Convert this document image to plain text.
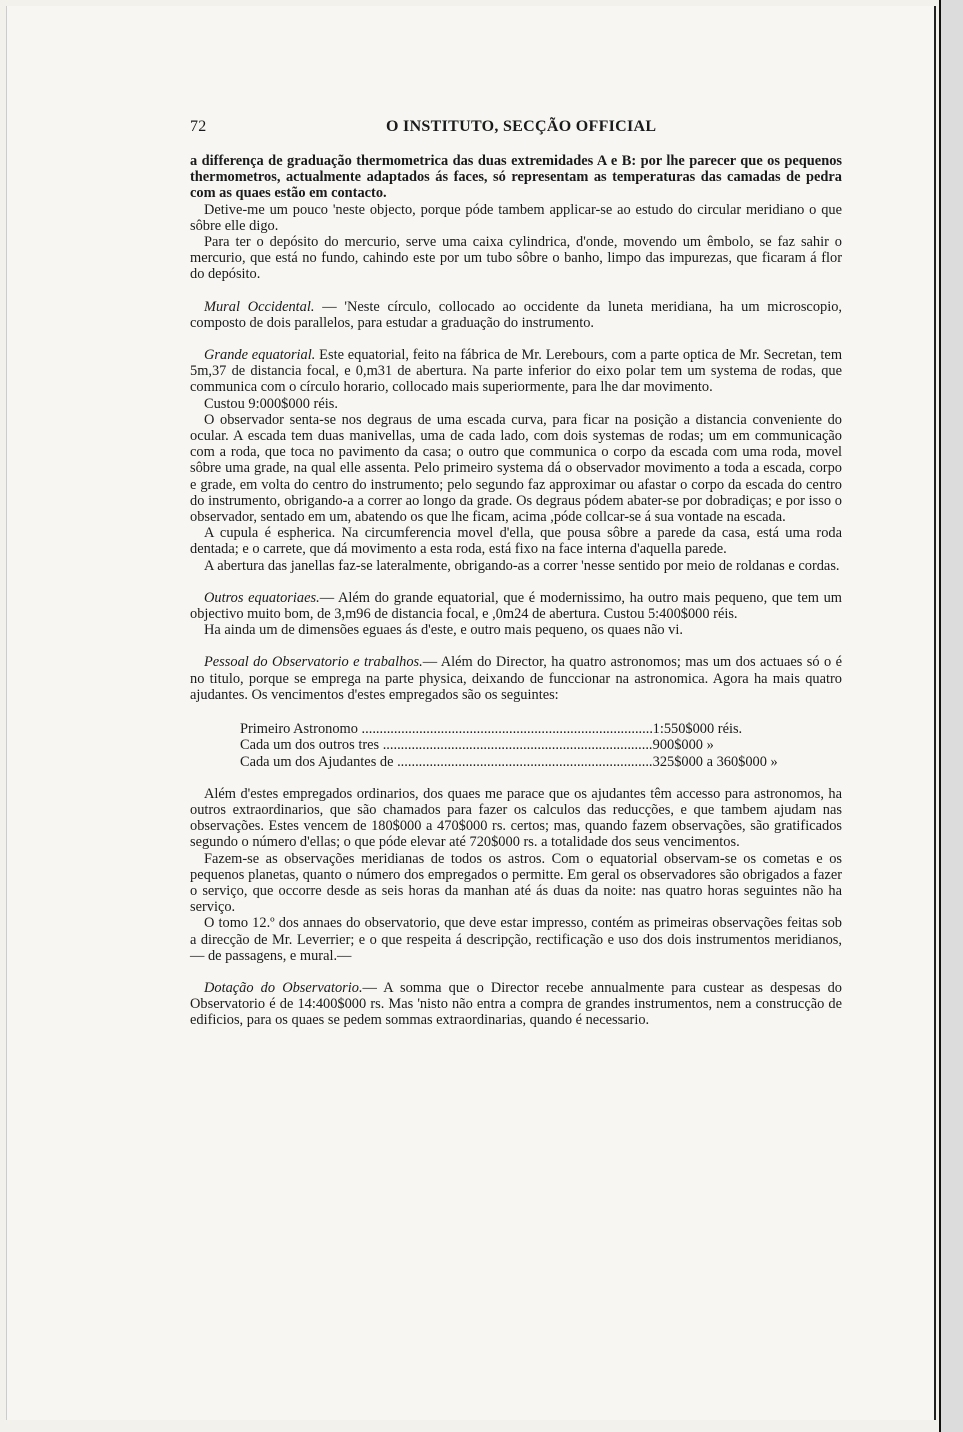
72	O INSTITUTO, SECÇÃO OFFICIAL

a differença de graduação thermometrica das duas extremidades A e B: por lhe parecer que os pequenos thermometros, actualmente adaptados ás faces, só representam as temperaturas das camadas de pedra com as quaes estão em contacto.

Detive-me um pouco 'neste objecto, porque póde tambem applicar-se ao estudo do circular meridiano o que sôbre elle digo.

Para ter o depósito do mercurio, serve uma caixa cylindrica, d'onde, movendo um êmbolo, se faz sahir o mercurio, que está no fundo, cahindo este por um tubo sôbre o banho, limpo das impurezas, que ficaram á flor do depósito.

Mural Occidental. — 'Neste círculo, collocado ao occidente da luneta meridiana, ha um microscopio, composto de dois parallelos, para estudar a graduação do instrumento.

Grande equatorial. Este equatorial, feito na fábrica de Mr. Lerebours, com a parte optica de Mr. Secretan, tem 5m,37 de distancia focal, e 0,m31 de abertura. Na parte inferior do eixo polar tem um systema de rodas, que communica com o círculo horario, collocado mais superiormente, para lhe dar movimento.

Custou 9:000$000 réis.

O observador senta-se nos degraus de uma escada curva, para ficar na posição a distancia conveniente do ocular. A escada tem duas manivellas, uma de cada lado, com dois systemas de rodas; um em communicação com a roda, que toca no pavimento da casa; o outro que communica o corpo da escada com uma roda, movel sôbre uma grade, na qual elle assenta. Pelo primeiro systema dá o observador movimento a toda a escada, corpo e grade, em volta do centro do instrumento; pelo segundo faz approximar ou afastar o corpo da escada do centro do instrumento, obrigando-a a correr ao longo da grade. Os degraus pódem abater-se por dobradiças; e por isso o observador, sentado em um, abatendo os que lhe ficam, acima ,póde collcar-se á sua vontade na escada.

A cupula é espherica. Na circumferencia movel d'ella, que pousa sôbre a parede da casa, está uma roda dentada; e o carrete, que dá movimento a esta roda, está fixo na face interna d'aquella parede.

A abertura das janellas faz-se lateralmente, obrigando-as a correr 'nesse sentido por meio de roldanas e cordas.

Outros equatoriaes.— Além do grande equatorial, que é modernissimo, ha outro mais pequeno, que tem um objectivo muito bom, de 3,m96 de distancia focal, e ,0m24 de abertura. Custou 5:400$000 réis.

Ha ainda um de dimensões eguaes ás d'este, e outro mais pequeno, os quaes não vi.

Pessoal do Observatorio e trabalhos.— Além do Director, ha quatro astronomos; mas um dos actuaes só o é no titulo, porque se emprega na parte physica, deixando de funccionar na astronomica. Agora ha mais quatro ajudantes. Os vencimentos d'estes empregados são os seguintes:

Primeiro Astronomo .....	1:550$000 réis.
Cada um dos outros tres .....	900$000 »
Cada um dos Ajudantes de .....	325$000 a 360$000 »

Além d'estes empregados ordinarios, dos quaes me parace que os ajudantes têm accesso para astronomos, ha outros extraordinarios, que são chamados para fazer os calculos das reducções, e que tambem ajudam nas observações. Estes vencem de 180$000 a 470$000 rs. certos; mas, quando fazem observações, são gratificados segundo o número d'ellas; o que póde elevar até 720$000 rs. a totalidade dos seus vencimentos.

Fazem-se as observações meridianas de todos os astros. Com o equatorial observam-se os cometas e os pequenos planetas, quanto o número dos empregados o permitte. Em geral os observadores são obrigados a fazer o serviço, que occorre desde as seis horas da manhan até ás duas da noite: nas quatro horas seguintes não ha serviço.

O tomo 12.º dos annaes do observatorio, que deve estar impresso, contém as primeiras observações feitas sob a direcção de Mr. Leverrier; e o que respeita á descripção, rectificação e uso dos dois instrumentos meridianos,— de passagens, e mural.—

Dotação do Observatorio.— A somma que o Director recebe annualmente para custear as despesas do Observatorio é de 14:400$000 rs. Mas 'nisto não entra a compra de grandes instrumentos, nem a construcção de edificios, para os quaes se pedem sommas extraordinarias, quando é necessario.
